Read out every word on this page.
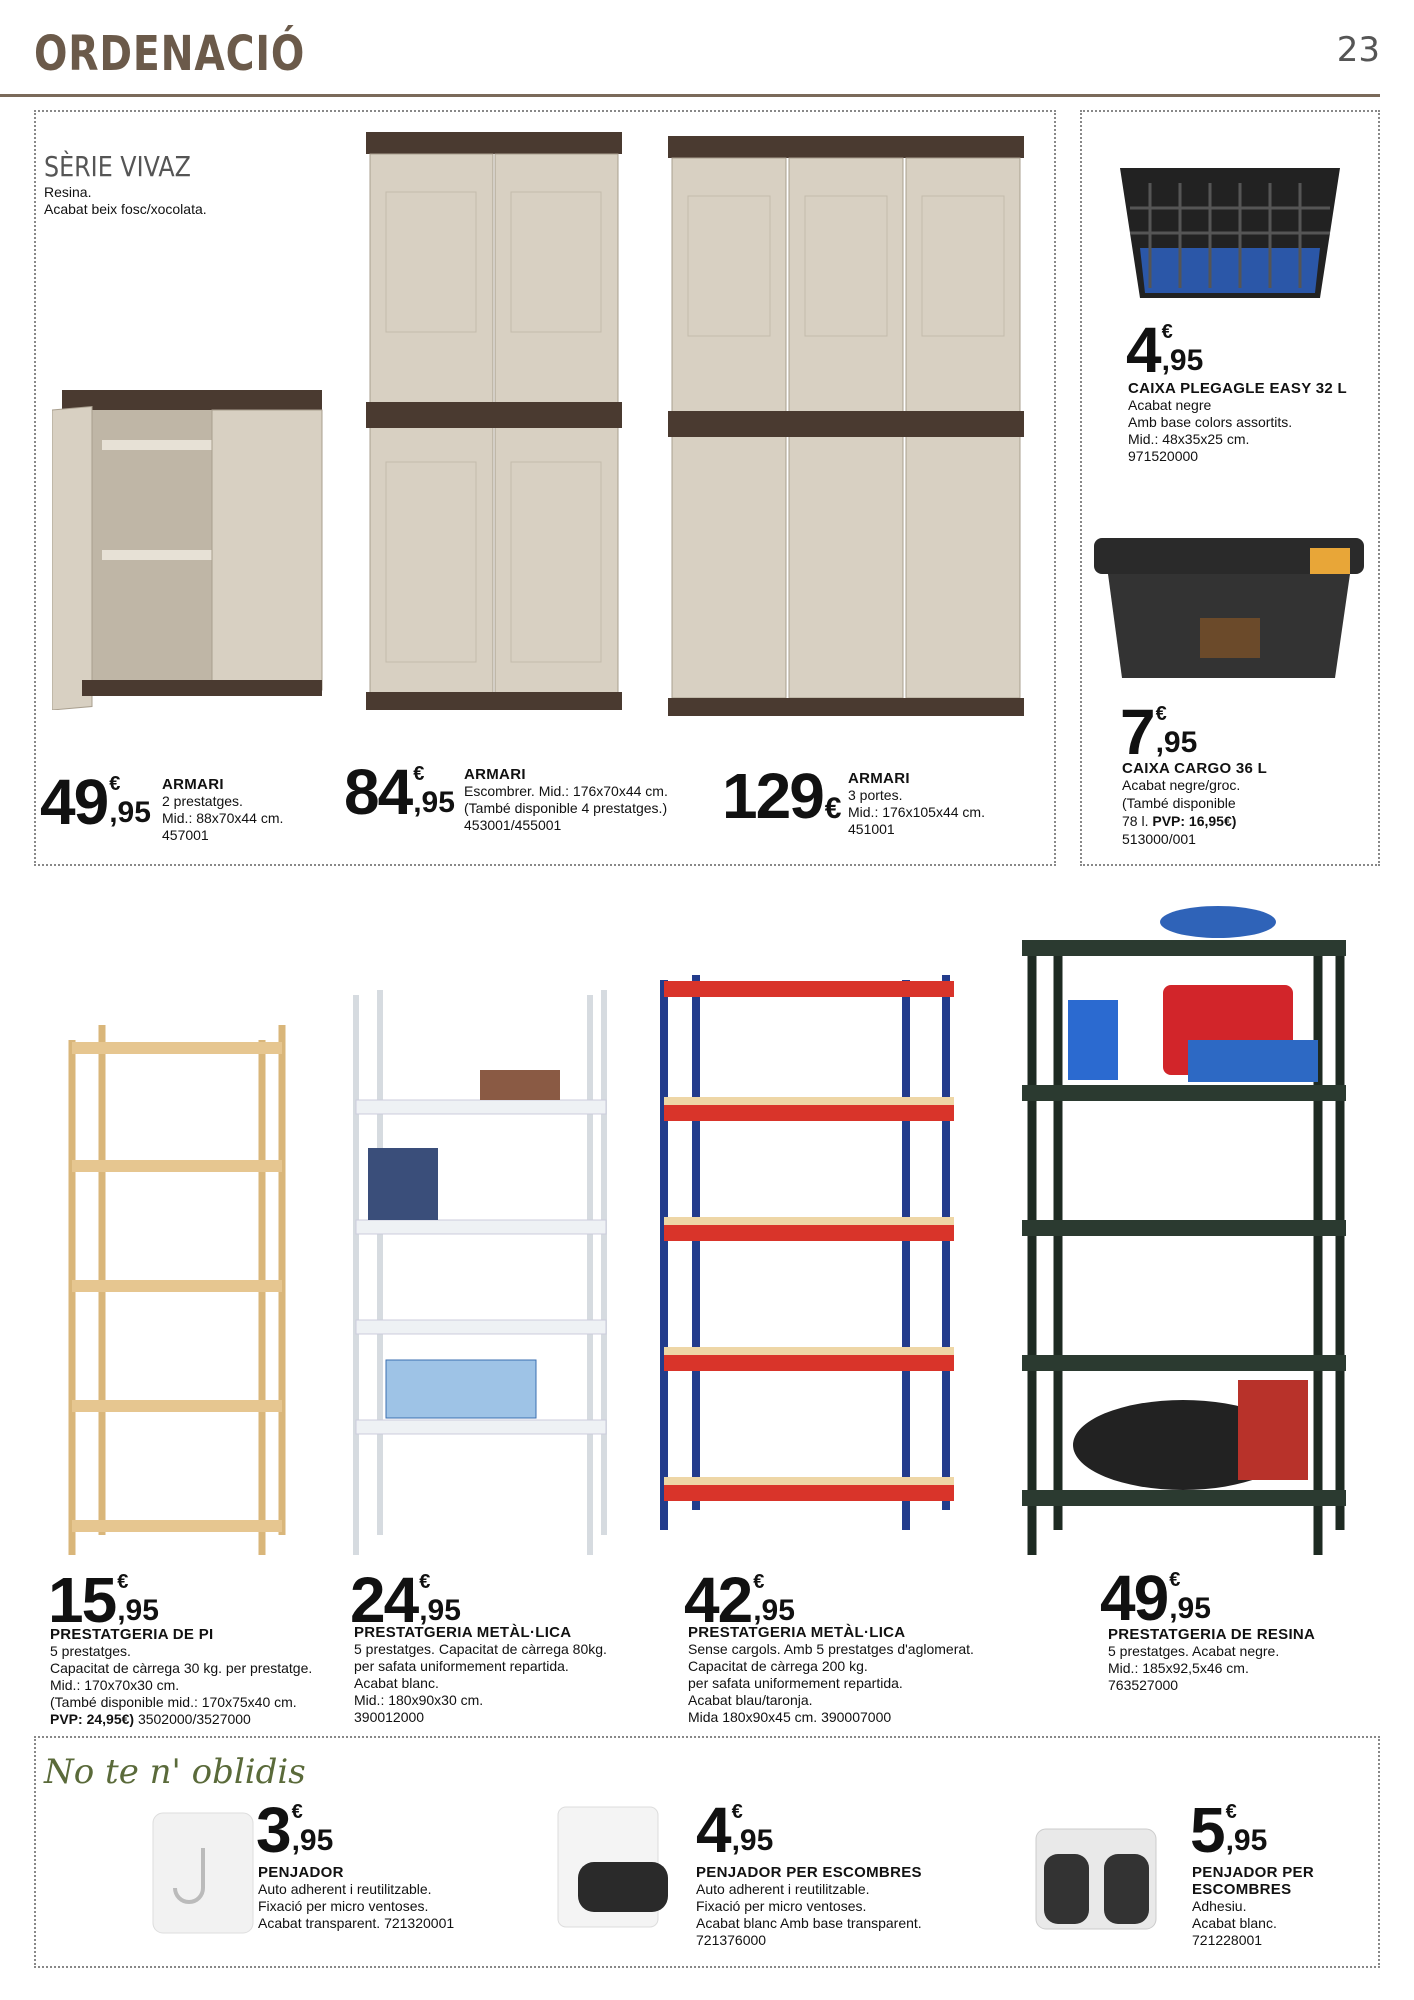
ORDENACIÓ	23
SÈRIE VIVAZ
Resina.
Acabat beix fosc/xocolata.
49 €
,95
ARMARI
2 prestatges.
Mid.: 88x70x44 cm.
457001
84 €
,95
ARMARI
Escombrer. Mid.: 176x70x44 cm.
(També disponible 4 prestatges.)
453001/455001	129 €
ARMARI
3 portes.
Mid.: 176x105x44 cm.
451001
4 €
,95
CAIXA PLEGAGLE EASY 32 L
Acabat negre
Amb base colors assortits.
Mid.: 48x35x25 cm.
971520000
7 €
,95
CAIXA CARGO 36 L
Acabat negre/groc.
(També disponible
78 l. PVP: 16,95€)
513000/001
15 €
,95
PRESTATGERIA DE PI
5 prestatges.
Capacitat de càrrega 30 kg. per prestatge.
Mid.: 170x70x30 cm.
(També disponible mid.: 170x75x40 cm.
PVP: 24,95€) 3502000/3527000
24 €
,95
PRESTATGERIA METÀL·LICA
5 prestatges. Capacitat de càrrega 80kg.
per safata uniformement repartida.
Acabat blanc.
Mid.: 180x90x30 cm.
390012000
42 €
,95
PRESTATGERIA METÀL·LICA
Sense cargols. Amb 5 prestatges d'aglomerat.
Capacitat de càrrega 200 kg.
per safata uniformement repartida.
Acabat blau/taronja.
Mida 180x90x45 cm. 390007000
49 €
,95
PRESTATGERIA DE RESINA
5 prestatges. Acabat negre.
Mid.: 185x92,5x46 cm.
763527000
No te n' oblidis
3 €
,95
PENJADOR
Auto adherent i reutilitzable.
Fixació per micro ventoses.
Acabat transparent. 721320001
4 €
,95
PENJADOR PER ESCOMBRES
Auto adherent i reutilitzable.
Fixació per micro ventoses.
Acabat blanc Amb base transparent.
721376000
5 €
,95
PENJADOR PER
ESCOMBRES
Adhesiu.
Acabat blanc.
721228001
